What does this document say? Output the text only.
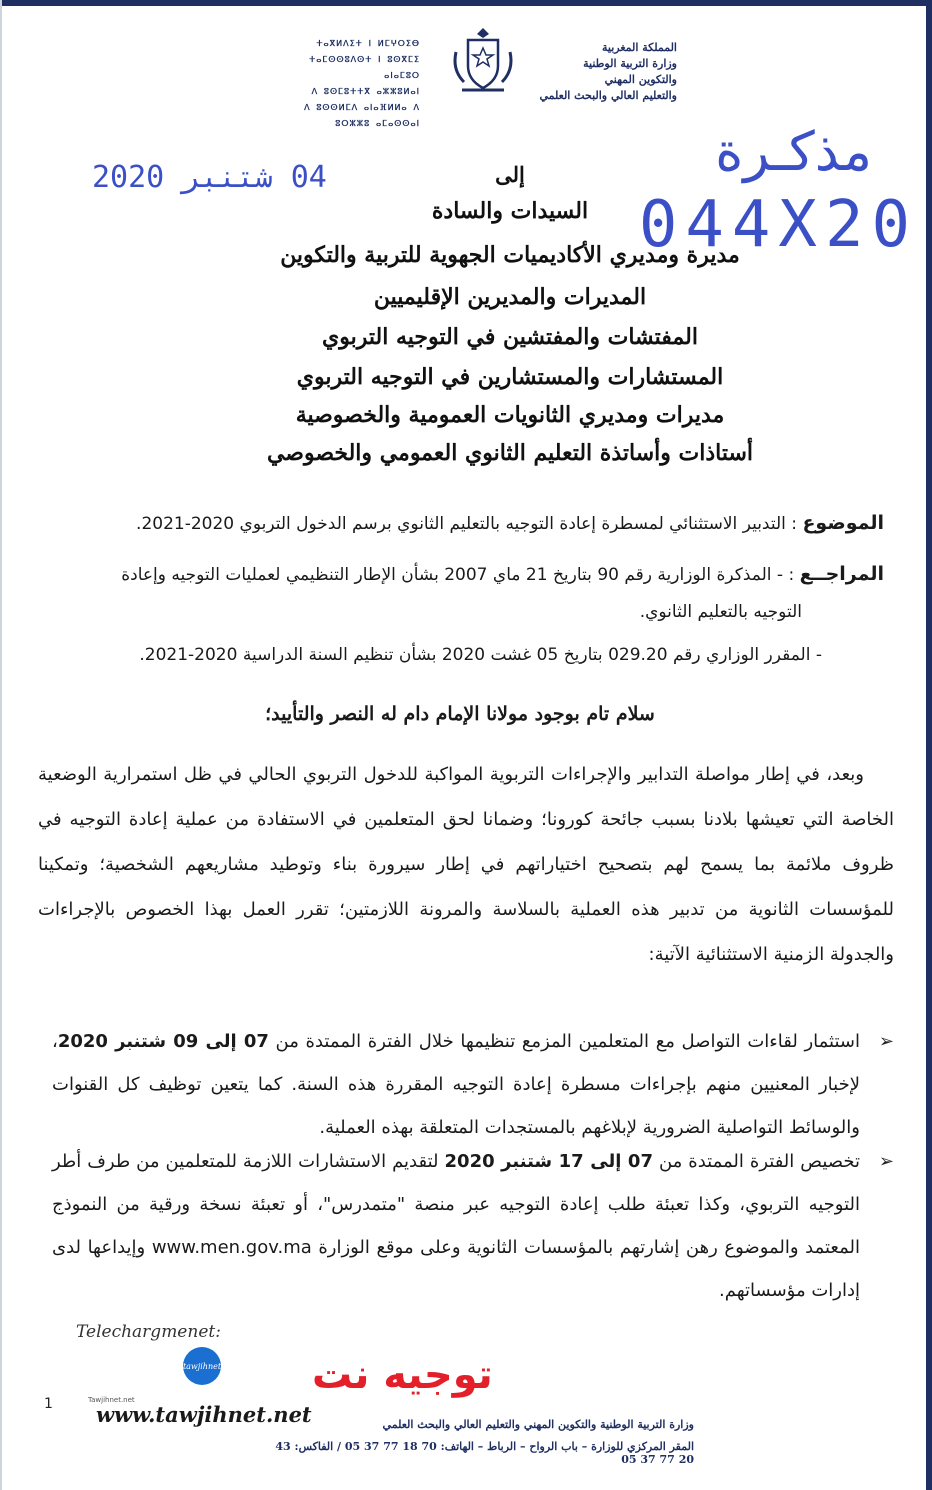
المملكة المغربية
وزارة التربية الوطنية
والتكوين المهني
والتعليم العالي والبحث العلمي
ⵜⴰⴳⵍⴷⵉⵜ ⵏ ⵍⵎⵖⵔⵉⴱ
ⵜⴰⵎⵙⵙⵓⴷⵙⵜ ⵏ ⵓⵙⴳⵎⵉ ⴰⵏⴰⵎⵓⵔ
ⴷ ⵓⵙⵎⵓⵜⵜⴳ ⴰⵣⵣⵓⵍⴰⵏ
ⴷ ⵓⵙⵙⵍⵎⴷ ⴰⵏⴰⴼⵍⵍⴰ ⴷ ⵓⵔⵣⵣⵓ ⴰⵎⴰⵙⵙⴰⵏ	مذكـرة
044X20
04 شتنبر 2020	إلى
السيدات والسادة
مديرة ومديري الأكاديميات الجهوية للتربية والتكوين
المديرات والمديرين الإقليميين
المفتشات والمفتشين في التوجيه التربوي
المستشارات والمستشارين في التوجيه التربوي
مديرات ومديري الثانويات العمومية والخصوصية
أستاذات وأساتذة التعليم الثانوي العمومي والخصوصي
الموضوع : التدبير الاستثنائي لمسطرة إعادة التوجيه بالتعليم الثانوي برسم الدخول التربوي 2020-2021.
المراجــع : - المذكرة الوزارية رقم 90 بتاريخ 21 ماي 2007 بشأن الإطار التنظيمي لعمليات التوجيه وإعادة
التوجيه بالتعليم الثانوي.
- المقرر الوزاري رقم 029.20 بتاريخ 05 غشت 2020 بشأن تنظيم السنة الدراسية 2020-2021.
سلام تام بوجود مولانا الإمام دام له النصر والتأييد؛
وبعد، في إطار مواصلة التدابير والإجراءات التربوية المواكبة للدخول التربوي الحالي في ظل استمرارية الوضعية الخاصة التي تعيشها بلادنا بسبب جائحة كورونا؛ وضمانا لحق المتعلمين في الاستفادة من عملية إعادة التوجيه في ظروف ملائمة بما يسمح لهم بتصحيح اختياراتهم في إطار سيرورة بناء وتوطيد مشاريعهم الشخصية؛ وتمكينا للمؤسسات الثانوية من تدبير هذه العملية بالسلاسة والمرونة اللازمتين؛ تقرر العمل بهذا الخصوص بالإجراءات والجدولة الزمنية الاستثنائية الآتية:
➢
استثمار لقاءات التواصل مع المتعلمين المزمع تنظيمها خلال الفترة الممتدة من 07 إلى 09 شتنبر 2020، لإخبار المعنيين منهم بإجراءات مسطرة إعادة التوجيه المقررة هذه السنة. كما يتعين توظيف كل القنوات والوسائط التواصلية الضرورية لإبلاغهم بالمستجدات المتعلقة بهذه العملية.
➢
تخصيص الفترة الممتدة من 07 إلى 17 شتنبر 2020 لتقديم الاستشارات اللازمة للمتعلمين من طرف أطر التوجيه التربوي، وكذا تعبئة طلب إعادة التوجيه عبر منصة "متمدرس"، أو تعبئة نسخة ورقية من النموذج المعتمد والموضوع رهن إشارتهم بالمؤسسات الثانوية وعلى موقع الوزارة www.men.gov.ma وإيداعها لدى إدارات مؤسساتهم.
Telechargmenet:
توجيه نت
tawjihnet
Tawjihnet.net
www.tawjihnet.net
1
وزارة التربية الوطنية والتكوين المهني والتعليم العالي والبحث العلمي
المقر المركزي للوزارة – باب الرواح – الرباط – الهاتف: 70 18 77 37 05 / الفاكس: 43 20 77 37 05
